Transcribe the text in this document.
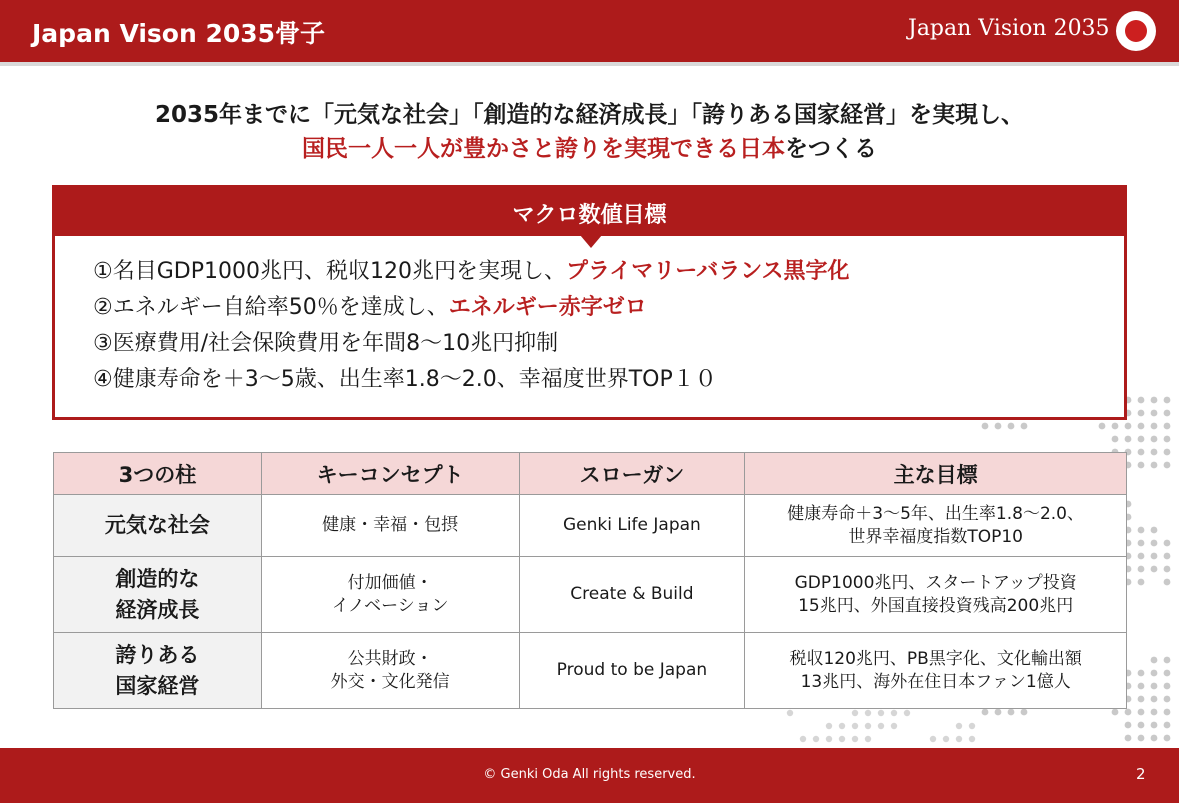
Japan Vison 2035骨子	Japan Vision 2035
2035年までに「元気な社会」「創造的な経済成長」「誇りある国家経営」を実現し、
国民一人一人が豊かさと誇りを実現できる日本をつくる
マクロ数値目標
①名目GDP1000兆円、税収120兆円を実現し、プライマリーバランス黒字化
②エネルギー自給率50％を達成し、エネルギー赤字ゼロ
③医療費用/社会保険費用を年間8～10兆円抑制
④健康寿命を＋3～5歳、出生率1.8～2.0、幸福度世界TOP１０
3つの柱	キーコンセプト	スローガン	主な目標

元気な社会	健康・幸福・包摂	Genki Life Japan	健康寿命＋3～5年、出生率1.8～2.0、
世界幸福度指数TOP10

創造的な
経済成長	付加価値・
イノベーション	Create & Build	GDP1000兆円、スタートアップ投資
15兆円、外国直接投資残高200兆円

誇りある
国家経営	公共財政・
外交・文化発信	Proud to be Japan	税収120兆円、PB黒字化、文化輸出額
13兆円、海外在住日本ファン1億人
© Genki Oda All rights reserved.	2
